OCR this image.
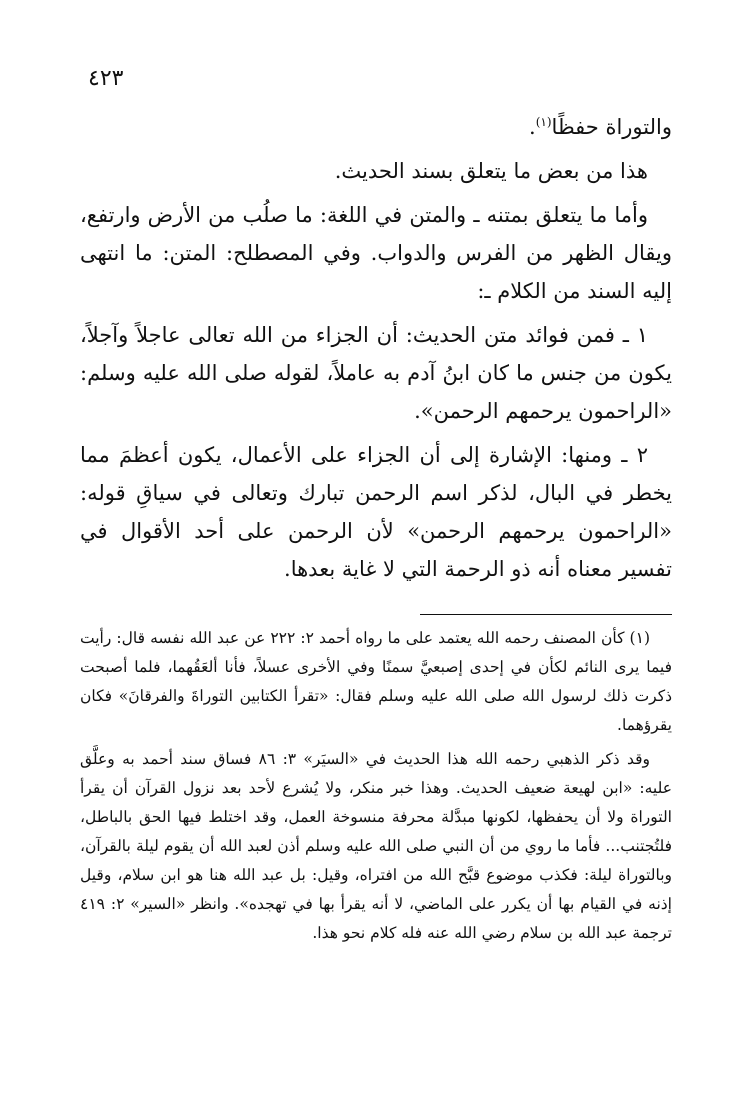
٤٢٣

والتوراة حفظًا$^{(١)}$.

هذا من بعض ما يتعلق بسند الحديث.

وأما ما يتعلق بمتنه ـ والمتن في اللغة: ما صلُب من الأرض وارتفع، ويقال الظهر من الفرس والدواب. وفي المصطلح: المتن: ما انتهى إليه السند من الكلام ـ:

١ ـ فمن فوائد متن الحديث: أن الجزاء من الله تعالى عاجلاً وآجلاً، يكون من جنس ما كان ابنُ آدم به عاملاً، لقوله صلى الله عليه وسلم: «الراحمون يرحمهم الرحمن».

٢ ـ ومنها: الإشارة إلى أن الجزاء على الأعمال، يكون أعظمَ مما يخطر في البال، لذكر اسم الرحمن تبارك وتعالى في سياقِ قوله: «الراحمون يرحمهم الرحمن» لأن الرحمن على أحد الأقوال في تفسير معناه أنه ذو الرحمة التي لا غاية بعدها.

(١) كأن المصنف رحمه الله يعتمد على ما رواه أحمد ٢: ٢٢٢ عن عبد الله نفسه قال: رأيت فيما يرى النائم لكأن في إحدى إصبعيَّ سمنًا وفي الأخرى عسلاً، فأنا ألعَقُهما، فلما أصبحت ذكرت ذلك لرسول الله صلى الله عليه وسلم فقال: «تقرأ الكتابين التوراةَ والفرقانَ» فكان يقرؤهما.

وقد ذكر الذهبي رحمه الله هذا الحديث في «السيَر» ٣: ٨٦ فساق سند أحمد به وعلَّق عليه: «ابن لهيعة ضعيف الحديث. وهذا خبر منكر، ولا يُشرع لأحد بعد نزول القرآن أن يقرأ التوراة ولا أن يحفظها، لكونها مبدَّلة محرفة منسوخة العمل، وقد اختلط فيها الحق بالباطل، فلتُجتنب... فأما ما روي من أن النبي صلى الله عليه وسلم أذن لعبد الله أن يقوم ليلة بالقرآن، وبالتوراة ليلة: فكذب موضوع قبَّح الله من افتراه، وقيل: بل عبد الله هنا هو ابن سلام، وقيل إذنه في القيام بها أن يكرر على الماضي، لا أنه يقرأ بها في تهجده». وانظر «السير» ٢: ٤١٩ ترجمة عبد الله بن سلام رضي الله عنه فله كلام نحو هذا.
